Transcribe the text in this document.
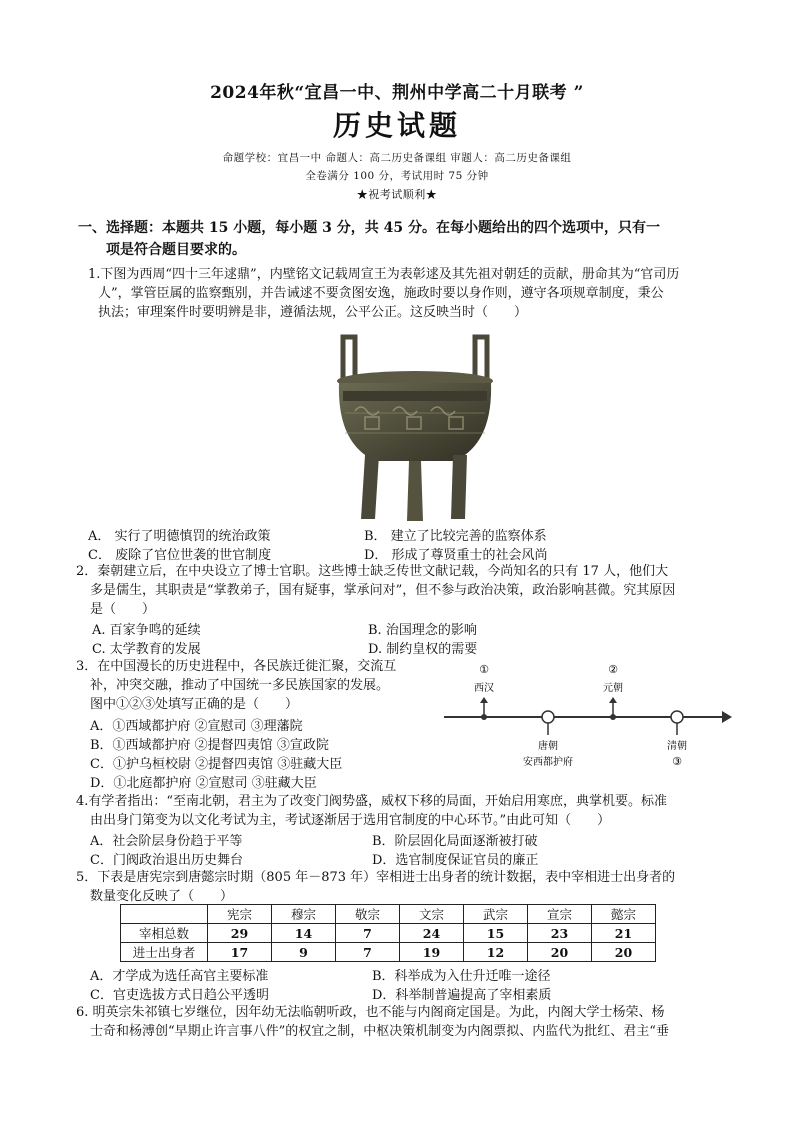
2024年秋“宜昌一中、荆州中学高二十月联考 ”
历史试题
命题学校：宜昌一中 命题人：高二历史备课组 审题人：高二历史备课组
全卷满分 100 分，考试用时 75 分钟
★祝考试顺利★
一、选择题：本题共 15 小题，每小题 3 分，共 45 分。在每小题给出的四个选项中，只有一
项是符合题目要求的。
1.下图为西周“四十三年逑鼎”，内壁铭文记载周宣王为表彰逑及其先祖对朝廷的贡献，册命其为“官司历
人”，掌管臣属的监察甄别，并告诫逑不要贪图安逸，施政时要以身作则，遵守各项规章制度，秉公
执法；审理案件时要明辨是非，遵循法规，公平公正。这反映当时（　　）
A． 实行了明德慎罚的统治政策	B． 建立了比较完善的监察体系
C． 废除了官位世袭的世官制度	D． 形成了尊贤重士的社会风尚
2．秦朝建立后，在中央设立了博士官职。这些博士缺乏传世文献记载，今尚知名的只有 17 人，他们大
多是儒生，其职责是“掌教弟子，国有疑事，掌承问对”，但不参与政治决策，政治影响甚微。究其原因
是（　　）
A. 百家争鸣的延续	B. 治国理念的影响
C. 太学教育的发展	D. 制约皇权的需要
3．在中国漫长的历史进程中，各民族迁徙汇聚，交流互
补，冲突交融，推动了中国统一多民族国家的发展。
图中①②③处填写正确的是（　　）
A．①西域都护府 ②宣慰司 ③理藩院
B．①西域都护府 ②提督四夷馆 ③宣政院
C．①护乌桓校尉 ②提督四夷馆 ③驻藏大臣
D．①北庭都护府 ②宣慰司 ③驻藏大臣
①
西汉
②
元朝
唐朝
安西都护府
清朝
③
4.有学者指出：“至南北朝，君主为了改变门阀势盛，威权下移的局面，开始启用寒庶，典掌机要。标准
由出身门第变为以文化考试为主，考试逐渐居于选用官制度的中心环节。”由此可知（　　）
A．社会阶层身份趋于平等	B．阶层固化局面逐渐被打破
C．门阀政治退出历史舞台	D．选官制度保证官员的廉正
5．下表是唐宪宗到唐懿宗时期（805 年－873 年）宰相进士出身者的统计数据，表中宰相进士出身者的
数量变化反映了（　　）
	宪宗	穆宗	敬宗	文宗	武宗	宣宗	懿宗
宰相总数	29	14	7	24	15	23	21
进士出身者	17	9	7	19	12	20	20
A．才学成为选任高官主要标准	B．科举成为入仕升迁唯一途径
C．官吏选拔方式日趋公平透明	D．科举制普遍提高了宰相素质
6. 明英宗朱祁镇七岁继位，因年幼无法临朝听政，也不能与内阁商定国是。为此，内阁大学士杨荣、杨
士奇和杨溥创“早期止许言事八件”的权宜之制，中枢决策机制变为内阁票拟、内监代为批红、君主“垂
